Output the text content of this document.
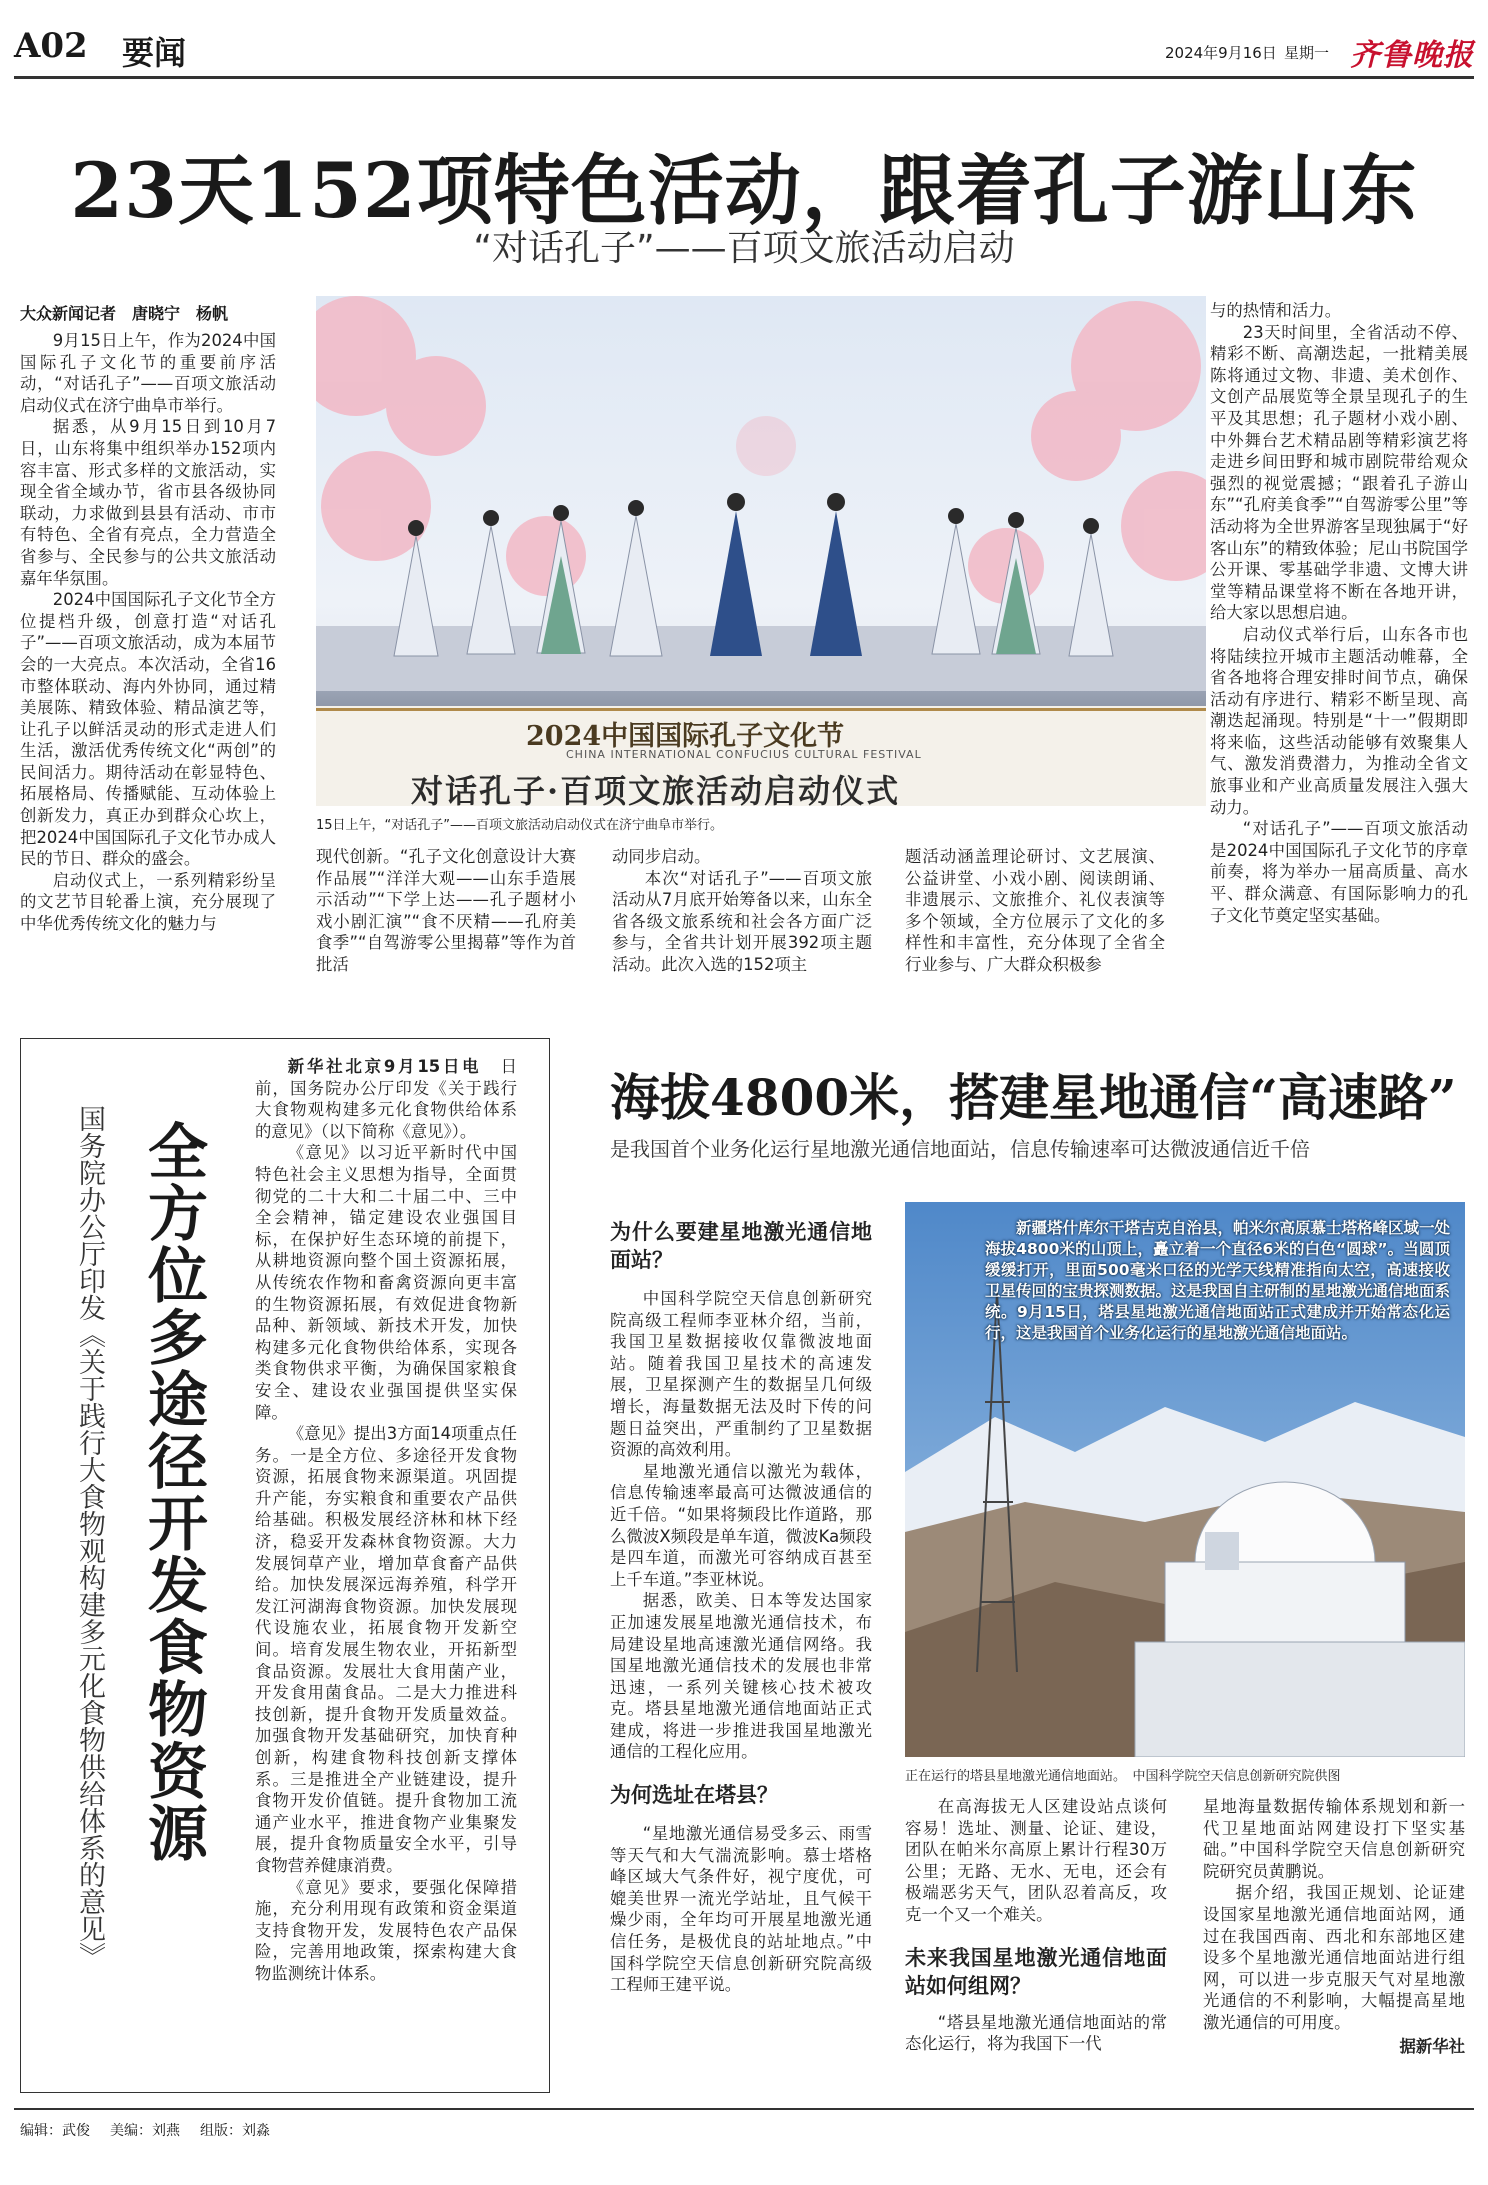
A02 要闻	2024年9月16日 星期一 齐鲁晚报
23天152项特色活动，跟着孔子游山东
“对话孔子”——百项文旅活动启动
大众新闻记者　唐晓宁　杨帆

9月15日上午，作为2024中国国际孔子文化节的重要前序活动，“对话孔子”——百项文旅活动启动仪式在济宁曲阜市举行。

据悉，从9月15日到10月7日，山东将集中组织举办152项内容丰富、形式多样的文旅活动，实现全省全域办节，省市县各级协同联动，力求做到县县有活动、市市有特色、全省有亮点，全力营造全省参与、全民参与的公共文旅活动嘉年华氛围。

2024中国国际孔子文化节全方位提档升级，创意打造“对话孔子”——百项文旅活动，成为本届节会的一大亮点。本次活动，全省16市整体联动、海内外协同，通过精美展陈、精致体验、精品演艺等，让孔子以鲜活灵动的形式走进人们生活，激活优秀传统文化“两创”的民间活力。期待活动在彰显特色、拓展格局、传播赋能、互动体验上创新发力，真正办到群众心坎上，把2024中国国际孔子文化节办成人民的节日、群众的盛会。

启动仪式上，一系列精彩纷呈的文艺节目轮番上演，充分展现了中华优秀传统文化的魅力与

2024中国国际孔子文化节
CHINA INTERNATIONAL CONFUCIUS CULTURAL FESTIVAL
对话孔子·百项文旅活动启动仪式
15日上午，“对话孔子”——百项文旅活动启动仪式在济宁曲阜市举行。

现代创新。“孔子文化创意设计大赛作品展”“洋洋大观——山东手造展示活动”“下学上达——孔子题材小戏小剧汇演”“食不厌精——孔府美食季”“自驾游零公里揭幕”等作为首批活

动同步启动。

本次“对话孔子”——百项文旅活动从7月底开始筹备以来，山东全省各级文旅系统和社会各方面广泛参与，全省共计划开展392项主题活动。此次入选的152项主

题活动涵盖理论研讨、文艺展演、公益讲堂、小戏小剧、阅读朗诵、非遗展示、文旅推介、礼仪表演等多个领域，全方位展示了文化的多样性和丰富性，充分体现了全省全行业参与、广大群众积极参

与的热情和活力。

23天时间里，全省活动不停、精彩不断、高潮迭起，一批精美展陈将通过文物、非遗、美术创作、文创产品展览等全景呈现孔子的生平及其思想；孔子题材小戏小剧、中外舞台艺术精品剧等精彩演艺将走进乡间田野和城市剧院带给观众强烈的视觉震撼；“跟着孔子游山东”“孔府美食季”“自驾游零公里”等活动将为全世界游客呈现独属于“好客山东”的精致体验；尼山书院国学公开课、零基础学非遗、文博大讲堂等精品课堂将不断在各地开讲，给大家以思想启迪。

启动仪式举行后，山东各市也将陆续拉开城市主题活动帷幕，全省各地将合理安排时间节点，确保活动有序进行、精彩不断呈现、高潮迭起涌现。特别是“十一”假期即将来临，这些活动能够有效聚集人气、激发消费潜力，为推动全省文旅事业和产业高质量发展注入强大动力。

“对话孔子”——百项文旅活动是2024中国国际孔子文化节的序章前奏，将为举办一届高质量、高水平、群众满意、有国际影响力的孔子文化节奠定坚实基础。

全方位多途径开发食物资源
国务院办公厅印发《关于践行大食物观构建多元化食物供给体系的意见》

新华社北京9月15日电　 日前，国务院办公厅印发《关于践行大食物观构建多元化食物供给体系的意见》（以下简称《意见》）。

《意见》以习近平新时代中国特色社会主义思想为指导，全面贯彻党的二十大和二十届二中、三中全会精神，锚定建设农业强国目标，在保护好生态环境的前提下，从耕地资源向整个国土资源拓展，从传统农作物和畜禽资源向更丰富的生物资源拓展，有效促进食物新品种、新领域、新技术开发，加快构建多元化食物供给体系，实现各类食物供求平衡，为确保国家粮食安全、建设农业强国提供坚实保障。

《意见》提出3方面14项重点任务。一是全方位、多途径开发食物资源，拓展食物来源渠道。巩固提升产能，夯实粮食和重要农产品供给基础。积极发展经济林和林下经济，稳妥开发森林食物资源。大力发展饲草产业，增加草食畜产品供给。加快发展深远海养殖，科学开发江河湖海食物资源。加快发展现代设施农业，拓展食物开发新空间。培育发展生物农业，开拓新型食品资源。发展壮大食用菌产业，开发食用菌食品。二是大力推进科技创新，提升食物开发质量效益。加强食物开发基础研究，加快育种创新，构建食物科技创新支撑体系。三是推进全产业链建设，提升食物开发价值链。提升食物加工流通产业水平，推进食物产业集聚发展，提升食物质量安全水平，引导食物营养健康消费。

《意见》要求，要强化保障措施，充分利用现有政策和资金渠道支持食物开发，发展特色农产品保险，完善用地政策，探索构建大食物监测统计体系。

海拔4800米，搭建星地通信“高速路”
是我国首个业务化运行星地激光通信地面站，信息传输速率可达微波通信近千倍
为什么要建星地激光通信地面站？

中国科学院空天信息创新研究院高级工程师李亚林介绍，当前，我国卫星数据接收仅靠微波地面站。随着我国卫星技术的高速发展，卫星探测产生的数据呈几何级增长，海量数据无法及时下传的问题日益突出，严重制约了卫星数据资源的高效利用。

星地激光通信以激光为载体，信息传输速率最高可达微波通信的近千倍。“如果将频段比作道路，那么微波X频段是单车道，微波Ka频段是四车道，而激光可容纳成百甚至上千车道。”李亚林说。

据悉，欧美、日本等发达国家正加速发展星地激光通信技术，布局建设星地高速激光通信网络。我国星地激光通信技术的发展也非常迅速，一系列关键核心技术被攻克。塔县星地激光通信地面站正式建成，将进一步推进我国星地激光通信的工程化应用。

为何选址在塔县？

“星地激光通信易受多云、雨雪等天气和大气湍流影响。慕士塔格峰区域大气条件好，视宁度优，可媲美世界一流光学站址，且气候干燥少雨，全年均可开展星地激光通信任务，是极优良的站址地点。”中国科学院空天信息创新研究院高级工程师王建平说。

新疆塔什库尔干塔吉克自治县，帕米尔高原慕士塔格峰区域一处海拔4800米的山顶上，矗立着一个直径6米的白色“圆球”。当圆顶缓缓打开，里面500毫米口径的光学天线精准指向太空，高速接收卫星传回的宝贵探测数据。这是我国自主研制的星地激光通信地面系统。9月15日，塔县星地激光通信地面站正式建成并开始常态化运行，这是我国首个业务化运行的星地激光通信地面站。
正在运行的塔县星地激光通信地面站。　中国科学院空天信息创新研究院供图

在高海拔无人区建设站点谈何容易！选址、测量、论证、建设，团队在帕米尔高原上累计行程30万公里；无路、无水、无电，还会有极端恶劣天气，团队忍着高反，攻克一个又一个难关。

未来我国星地激光通信地面站如何组网？

“塔县星地激光通信地面站的常态化运行，将为我国下一代

星地海量数据传输体系规划和新一代卫星地面站网建设打下坚实基础。”中国科学院空天信息创新研究院研究员黄鹏说。

据介绍，我国正规划、论证建设国家星地激光通信地面站网，通过在我国西南、西北和东部地区建设多个星地激光通信地面站进行组网，可以进一步克服天气对星地激光通信的不利影响，大幅提高星地激光通信的可用度。

据新华社
编辑：武俊 美编：刘燕 组版：刘淼
